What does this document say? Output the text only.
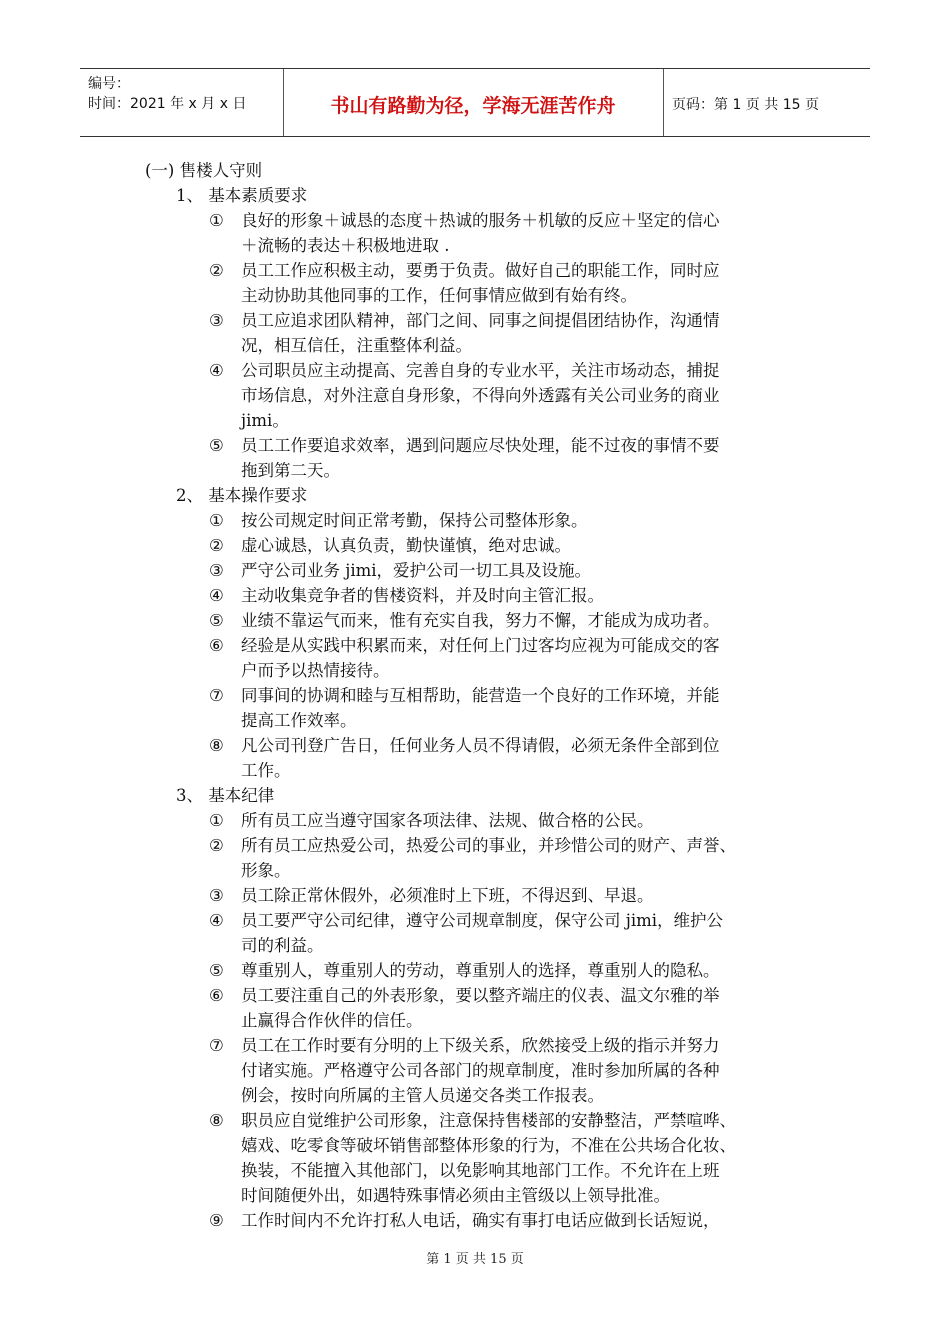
编号：
时间：2021 年 x 月 x 日	书山有路勤为径，学海无涯苦作舟	页码：第 1 页 共 15 页
(一) 售楼人守则
1、 基本素质要求
①	良好的形象＋诚恳的态度＋热诚的服务＋机敏的反应＋坚定的信心
＋流畅的表达＋积极地进取 .
②	员工工作应积极主动，要勇于负责。做好自己的职能工作，同时应
主动协助其他同事的工作，任何事情应做到有始有终。
③	员工应追求团队精神，部门之间、同事之间提倡团结协作，沟通情
况，相互信任，注重整体利益。
④	公司职员应主动提高、完善自身的专业水平，关注市场动态，捕捉
市场信息，对外注意自身形象，不得向外透露有关公司业务的商业
jimi。
⑤	员工工作要追求效率，遇到问题应尽快处理，能不过夜的事情不要
拖到第二天。
2、 基本操作要求
①	按公司规定时间正常考勤，保持公司整体形象。
②	虚心诚恳，认真负责，勤快谨慎，绝对忠诚。
③	严守公司业务 jimi，爱护公司一切工具及设施。
④	主动收集竞争者的售楼资料，并及时向主管汇报。
⑤	业绩不靠运气而来，惟有充实自我，努力不懈，才能成为成功者。
⑥	经验是从实践中积累而来，对任何上门过客均应视为可能成交的客
户而予以热情接待。
⑦	同事间的协调和睦与互相帮助，能营造一个良好的工作环境，并能
提高工作效率。
⑧	凡公司刊登广告日，任何业务人员不得请假，必须无条件全部到位
工作。
3、 基本纪律
①	所有员工应当遵守国家各项法律、法规、做合格的公民。
②	所有员工应热爱公司，热爱公司的事业，并珍惜公司的财产、声誉、
形象。
③	员工除正常休假外，必须准时上下班，不得迟到、早退。
④	员工要严守公司纪律，遵守公司规章制度，保守公司 jimi，维护公
司的利益。
⑤	尊重别人，尊重别人的劳动，尊重别人的选择，尊重别人的隐私。
⑥	员工要注重自己的外表形象，要以整齐端庄的仪表、温文尔雅的举
止赢得合作伙伴的信任。
⑦	员工在工作时要有分明的上下级关系，欣然接受上级的指示并努力
付诸实施。严格遵守公司各部门的规章制度，准时参加所属的各种
例会，按时向所属的主管人员递交各类工作报表。
⑧	职员应自觉维护公司形象，注意保持售楼部的安静整洁，严禁喧哗、
嬉戏、吃零食等破坏销售部整体形象的行为，不准在公共场合化妆、
换装，不能擅入其他部门，以免影响其地部门工作。不允许在上班
时间随便外出，如遇特殊事情必须由主管级以上领导批准。
⑨	工作时间内不允许打私人电话，确实有事打电话应做到长话短说，
第 1 页 共 15 页
